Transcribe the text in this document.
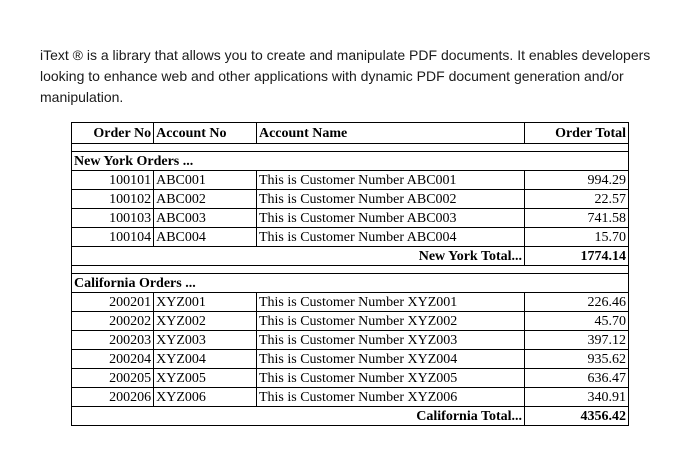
iText ® is a library that allows you to create and manipulate PDF documents. It enables developers looking to enhance web and other applications with dynamic PDF document generation and/or manipulation.

Order No	Account No	Account Name	Order Total

New York Orders ...			
100101	ABC001	This is Customer Number ABC001	994.29
100102	ABC002	This is Customer Number ABC002	22.57
100103	ABC003	This is Customer Number ABC003	741.58
100104	ABC004	This is Customer Number ABC004	15.70
New York Total...			1774.14

California Orders ...			
200201	XYZ001	This is Customer Number XYZ001	226.46
200202	XYZ002	This is Customer Number XYZ002	45.70
200203	XYZ003	This is Customer Number XYZ003	397.12
200204	XYZ004	This is Customer Number XYZ004	935.62
200205	XYZ005	This is Customer Number XYZ005	636.47
200206	XYZ006	This is Customer Number XYZ006	340.91
California Total...			4356.42
